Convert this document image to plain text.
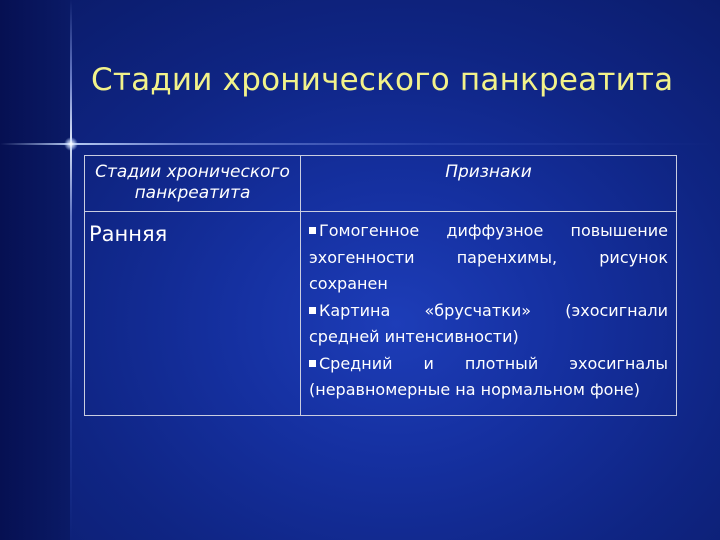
Стадии хронического панкреатита
Стадии хронического панкреатита	Признаки
Ранняя	Гомогенное диффузное повышение эхогенности паренхимы, рисунок сохранен
Картина «брусчатки» (эхосигнали средней интенсивности)
Средний и плотный эхосигналы (неравномерные на нормальном фоне)
